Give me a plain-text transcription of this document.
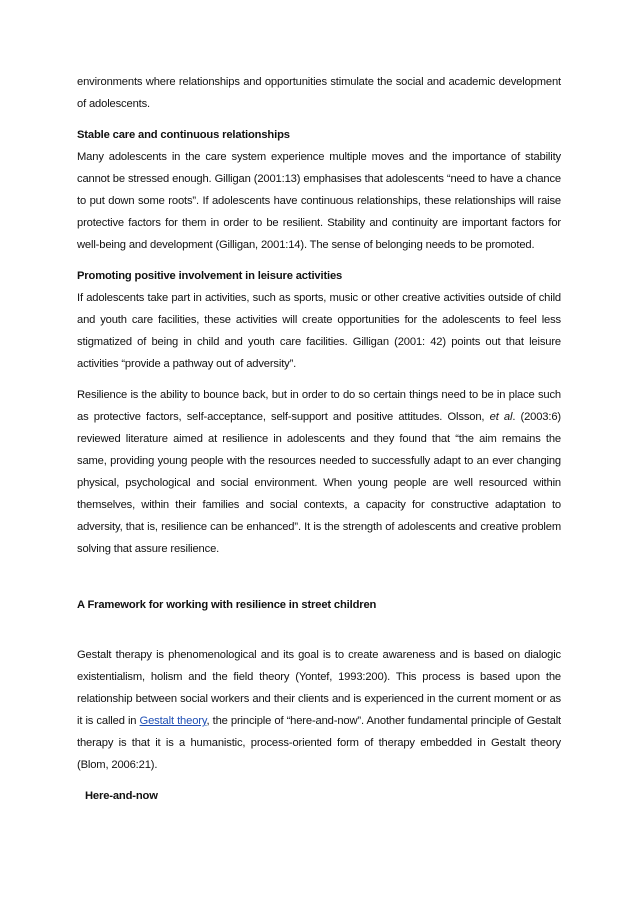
environments where relationships and opportunities stimulate the social and academic development of adolescents.

Stable care and continuous relationships

Many adolescents in the care system experience multiple moves and the importance of stability cannot be stressed enough. Gilligan (2001:13) emphasises that adolescents “need to have a chance to put down some roots”. If adolescents have continuous relationships, these relationships will raise protective factors for them in order to be resilient. Stability and continuity are important factors for well-being and development (Gilligan, 2001:14). The sense of belonging needs to be promoted.

Promoting positive involvement in leisure activities

If adolescents take part in activities, such as sports, music or other creative activities outside of child and youth care facilities, these activities will create opportunities for the adolescents to feel less stigmatized of being in child and youth care facilities. Gilligan (2001: 42) points out that leisure activities “provide a pathway out of adversity”.

Resilience is the ability to bounce back, but in order to do so certain things need to be in place such as protective factors, self-acceptance, self-support and positive attitudes. Olsson, et al. (2003:6) reviewed literature aimed at resilience in adolescents and they found that “the aim remains the same, providing young people with the resources needed to successfully adapt to an ever changing physical, psychological and social environment. When young people are well resourced within themselves, within their families and social contexts, a capacity for constructive adaptation to adversity, that is, resilience can be enhanced”. It is the strength of adolescents and creative problem solving that assure resilience.

A Framework for working with resilience in street children

Gestalt therapy is phenomenological and its goal is to create awareness and is based on dialogic existentialism, holism and the field theory (Yontef, 1993:200). This process is based upon the relationship between social workers and their clients and is experienced in the current moment or as it is called in Gestalt theory, the principle of “here-and-now”. Another fundamental principle of Gestalt therapy is that it is a humanistic, process-oriented form of therapy embedded in Gestalt theory (Blom, 2006:21).

Here-and-now
